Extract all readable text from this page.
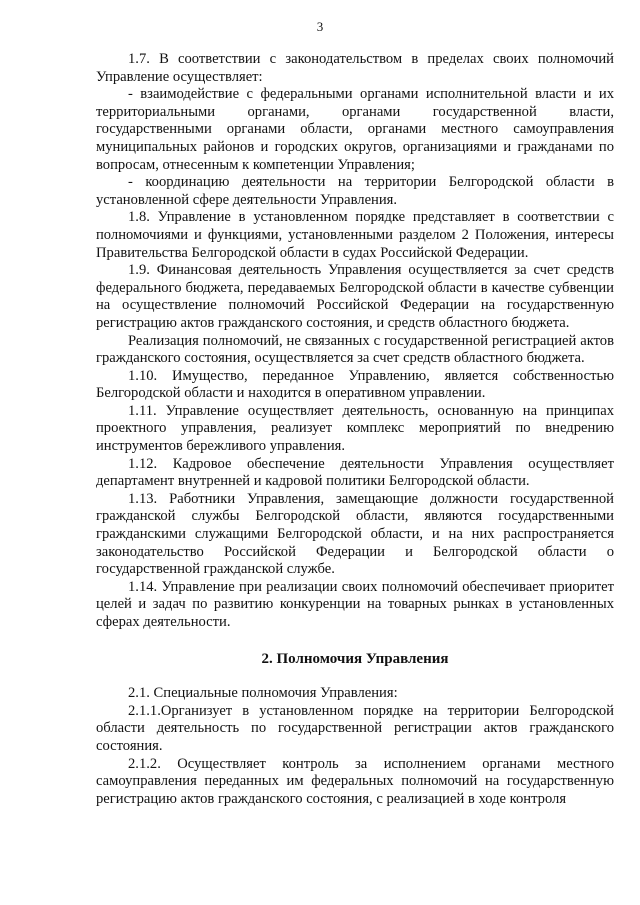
3

1.7. В соответствии с законодательством в пределах своих полномочий Управление осуществляет:

- взаимодействие с федеральными органами исполнительной власти и их территориальными органами, органами государственной власти, государственными органами области, органами местного самоуправления муниципальных районов и городских округов, организациями и гражданами по вопросам, отнесенным к компетенции Управления;

- координацию деятельности на территории Белгородской области в установленной сфере деятельности Управления.

1.8. Управление в установленном порядке представляет в соответствии с полномочиями и функциями, установленными разделом 2 Положения, интересы Правительства Белгородской области в судах Российской Федерации.

1.9. Финансовая деятельность Управления осуществляется за счет средств федерального бюджета, передаваемых Белгородской области в качестве субвенции на осуществление полномочий Российской Федерации на государственную регистрацию актов гражданского состояния, и средств областного бюджета.

Реализация полномочий, не связанных с государственной регистрацией актов гражданского состояния, осуществляется за счет средств областного бюджета.

1.10. Имущество, переданное Управлению, является собственностью Белгородской области и находится в оперативном управлении.

1.11. Управление осуществляет деятельность, основанную на принципах проектного управления, реализует комплекс мероприятий по внедрению инструментов бережливого управления.

1.12. Кадровое обеспечение деятельности Управления осуществляет департамент внутренней и кадровой политики Белгородской области.

1.13. Работники Управления, замещающие должности государственной гражданской службы Белгородской области, являются государственными гражданскими служащими Белгородской области, и на них распространяется законодательство Российской Федерации и Белгородской области о государственной гражданской службе.

1.14. Управление при реализации своих полномочий обеспечивает приоритет целей и задач по развитию конкуренции на товарных рынках в установленных сферах деятельности.

2. Полномочия Управления

2.1. Специальные полномочия Управления:

2.1.1.Организует в установленном порядке на территории Белгородской области деятельность по государственной регистрации актов гражданского состояния.

2.1.2. Осуществляет контроль за исполнением органами местного самоуправления переданных им федеральных полномочий на государственную регистрацию актов гражданского состояния, с реализацией в ходе контроля
